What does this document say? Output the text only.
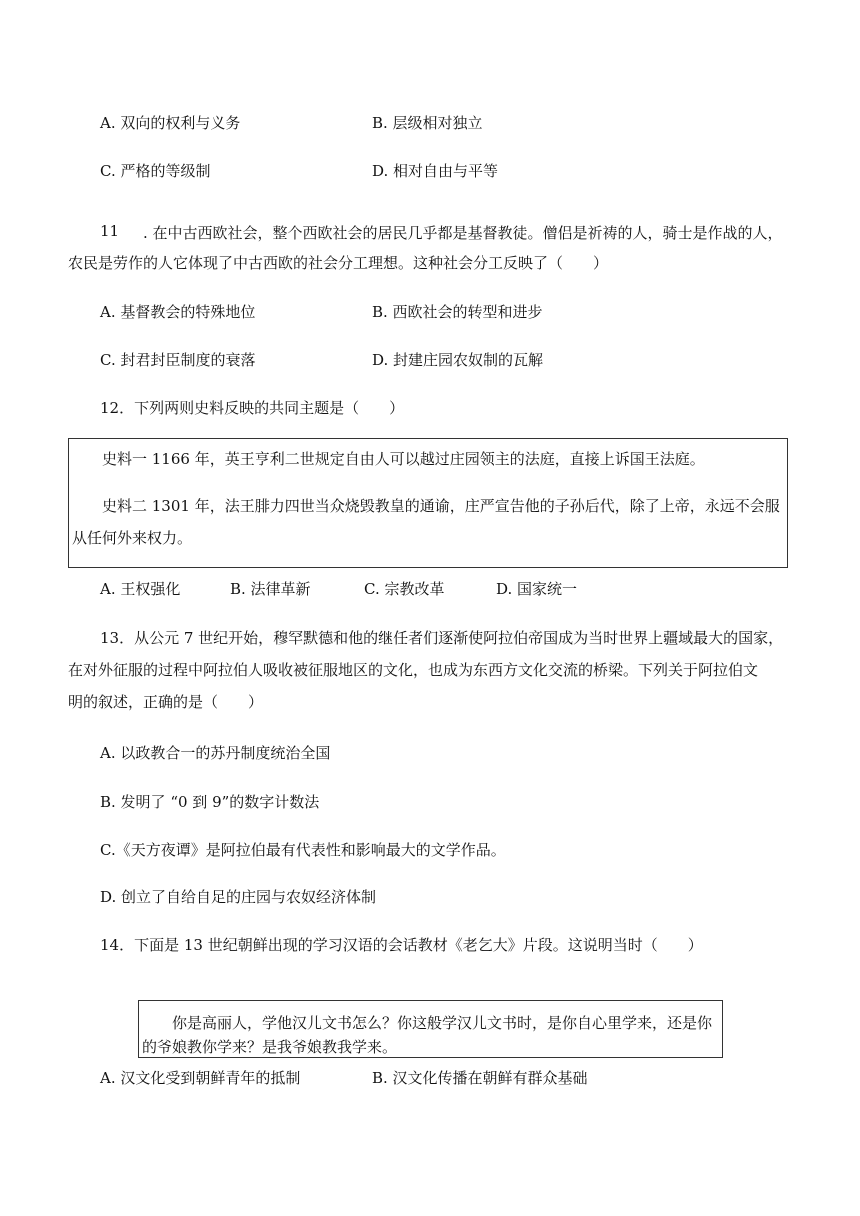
A. 双向的权利与义务	B. 层级相对独立
C. 严格的等级制	D. 相对自由与平等
11 . 在中古西欧社会，整个西欧社会的居民几乎都是基督教徒。僧侣是祈祷的人，骑士是作战的人，
农民是劳作的人它体现了中古西欧的社会分工理想。这种社会分工反映了（　　）
A. 基督教会的特殊地位	B. 西欧社会的转型和进步
C. 封君封臣制度的衰落	D. 封建庄园农奴制的瓦解
12．下列两则史料反映的共同主题是（　　）
史料一 1166 年，英王亨利二世规定自由人可以越过庄园领主的法庭，直接上诉国王法庭。
史料二 1301 年，法王腓力四世当众烧毁教皇的通谕，庄严宣告他的子孙后代，除了上帝，永远不会服
从任何外来权力。
A. 王权强化	B. 法律革新	C. 宗教改革	D. 国家统一
13．从公元 7 世纪开始，穆罕默德和他的继任者们逐渐使阿拉伯帝国成为当时世界上疆域最大的国家，
在对外征服的过程中阿拉伯人吸收被征服地区的文化，也成为东西方文化交流的桥梁。下列关于阿拉伯文
明的叙述，正确的是（　　）
A. 以政教合一的苏丹制度统治全国
B. 发明了 “0 到 9”的数字计数法
C.《天方夜谭》是阿拉伯最有代表性和影响最大的文学作品。
D. 创立了自给自足的庄园与农奴经济体制
14．下面是 13 世纪朝鲜出现的学习汉语的会话教材《老乞大》片段。这说明当时（　　）
你是高丽人，学他汉儿文书怎么？你这般学汉儿文书时，是你自心里学来，还是你
的爷娘教你学来？是我爷娘教我学来。
A. 汉文化受到朝鲜青年的抵制	B. 汉文化传播在朝鲜有群众基础
